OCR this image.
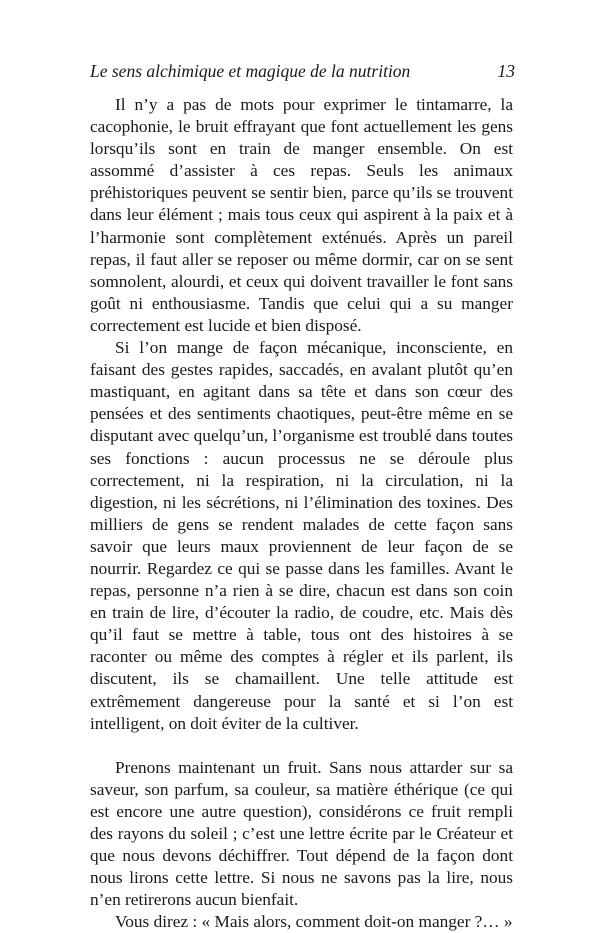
Le sens alchimique et magique de la nutrition	13

Il n’y a pas de mots pour exprimer le tintamarre, la cacophonie, le bruit effrayant que font actuellement les gens lorsqu’ils sont en train de manger ensemble. On est assommé d’assister à ces repas. Seuls les animaux préhistoriques peuvent se sentir bien, parce qu’ils se trouvent dans leur élément ; mais tous ceux qui aspirent à la paix et à l’harmonie sont complètement exténués. Après un pareil repas, il faut aller se reposer ou même dormir, car on se sent somnolent, alourdi, et ceux qui doivent travailler le font sans goût ni enthousiasme. Tandis que celui qui a su manger correctement est lucide et bien disposé.

Si l’on mange de façon mécanique, inconsciente, en faisant des gestes rapides, saccadés, en avalant plutôt qu’en mastiquant, en agitant dans sa tête et dans son cœur des pensées et des sentiments chaotiques, peut-être même en se disputant avec quelqu’un, l’organisme est troublé dans toutes ses fonctions : aucun processus ne se déroule plus correctement, ni la respiration, ni la circulation, ni la digestion, ni les sécrétions, ni l’élimination des toxines. Des milliers de gens se rendent malades de cette façon sans savoir que leurs maux proviennent de leur façon de se nourrir. Regardez ce qui se passe dans les familles. Avant le repas, personne n’a rien à se dire, chacun est dans son coin en train de lire, d’écouter la radio, de coudre, etc. Mais dès qu’il faut se mettre à table, tous ont des histoires à se raconter ou même des comptes à régler et ils parlent, ils discutent, ils se chamaillent. Une telle attitude est extrêmement dangereuse pour la santé et si l’on est intelligent, on doit éviter de la cultiver.

Prenons maintenant un fruit. Sans nous attarder sur sa saveur, son parfum, sa couleur, sa matière éthérique (ce qui est encore une autre question), considérons ce fruit rempli des rayons du soleil ; c’est une lettre écrite par le Créateur et que nous devons déchiffrer. Tout dépend de la façon dont nous lirons cette lettre. Si nous ne savons pas la lire, nous n’en retirerons aucun bienfait.

Vous direz : « Mais alors, comment doit-on manger ?… »
